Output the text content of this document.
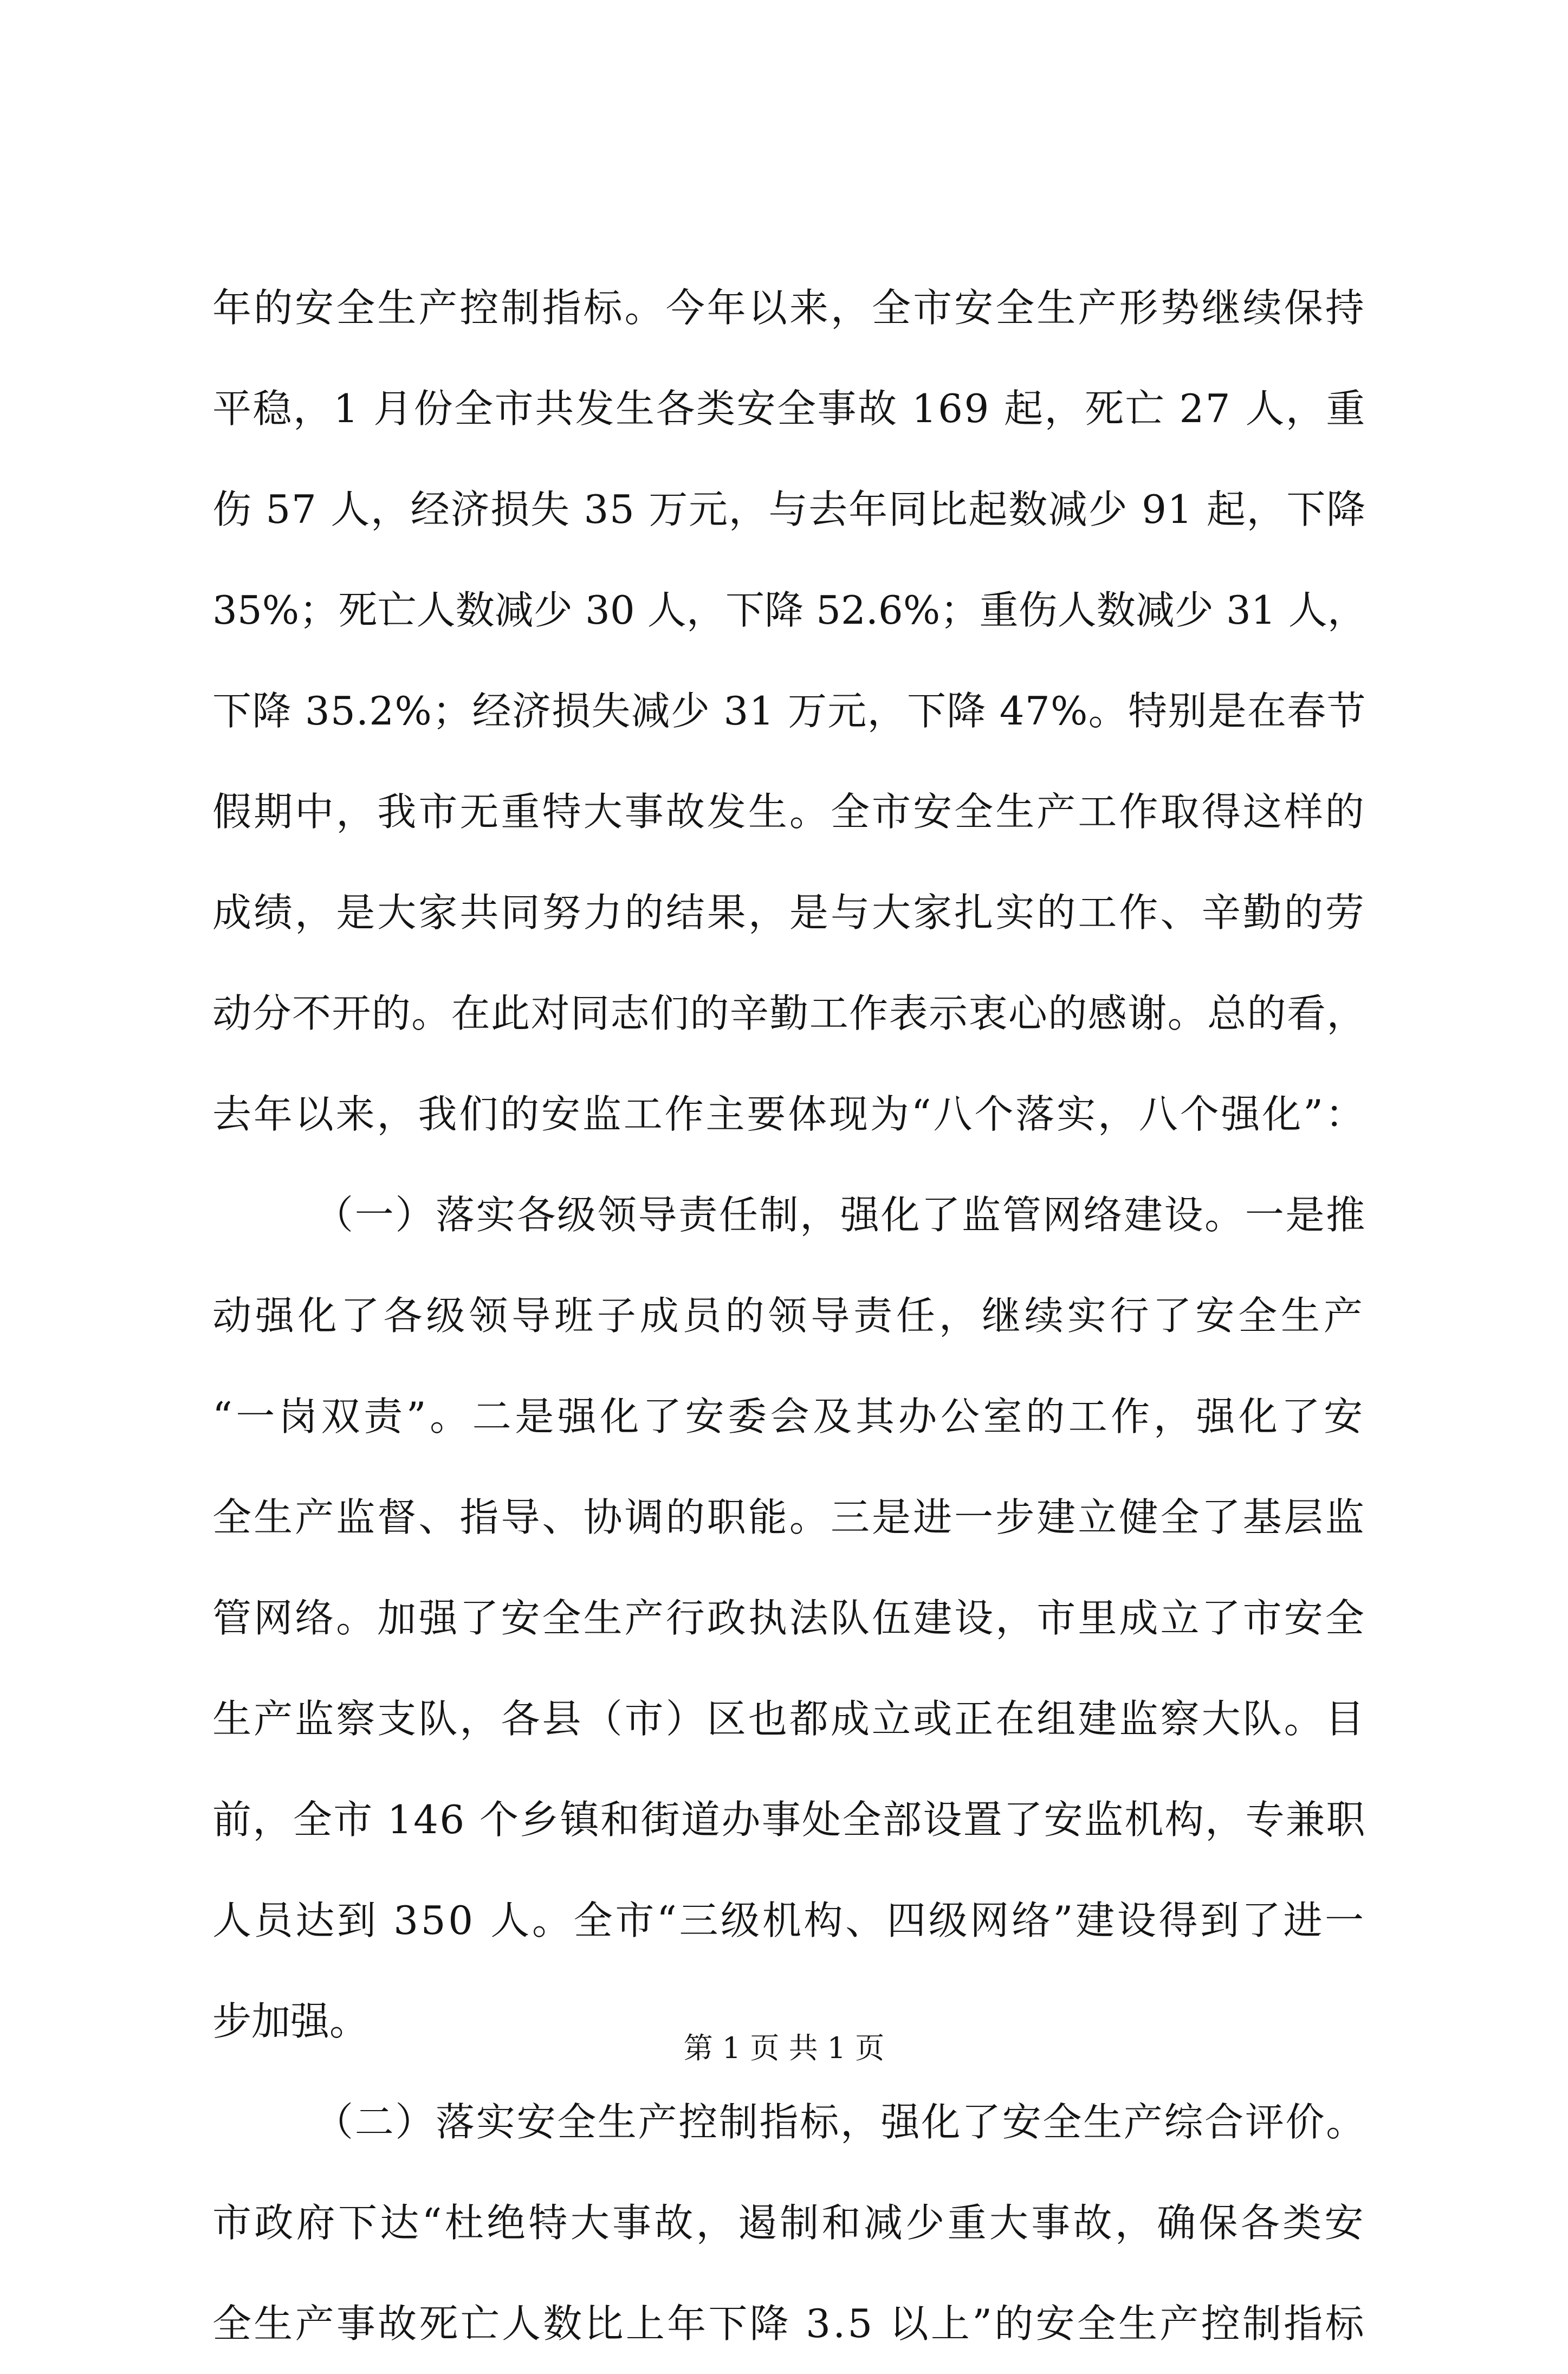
年的安全生产控制指标。今年以来，全市安全生产形势继续保持
平稳，1 月份全市共发生各类安全事故 169 起，死亡 27 人，重
伤 57 人，经济损失 35 万元，与去年同比起数减少 91 起，下降
35%；死亡人数减少 30 人，下降 52.6%；重伤人数减少 31 人，
下降 35.2%；经济损失减少 31 万元，下降 47%。特别是在春节
假期中，我市无重特大事故发生。全市安全生产工作取得这样的
成绩，是大家共同努力的结果，是与大家扎实的工作、辛勤的劳
动分不开的。在此对同志们的辛勤工作表示衷心的感谢。总的看，
去年以来，我们的安监工作主要体现为“八个落实，八个强化”：
（一）落实各级领导责任制，强化了监管网络建设。一是推
动强化了各级领导班子成员的领导责任，继续实行了安全生产
“一岗双责”。二是强化了安委会及其办公室的工作，强化了安
全生产监督、指导、协调的职能。三是进一步建立健全了基层监
管网络。加强了安全生产行政执法队伍建设，市里成立了市安全
生产监察支队，各县（市）区也都成立或正在组建监察大队。目
前，全市 146 个乡镇和街道办事处全部设置了安监机构，专兼职
人员达到 350 人。全市“三级机构、四级网络”建设得到了进一
步加强。
（二）落实安全生产控制指标，强化了安全生产综合评价。
市政府下达“杜绝特大事故，遏制和减少重大事故，确保各类安
全生产事故死亡人数比上年下降 3.5 以上”的安全生产控制指标
第 1 页 共 1 页
